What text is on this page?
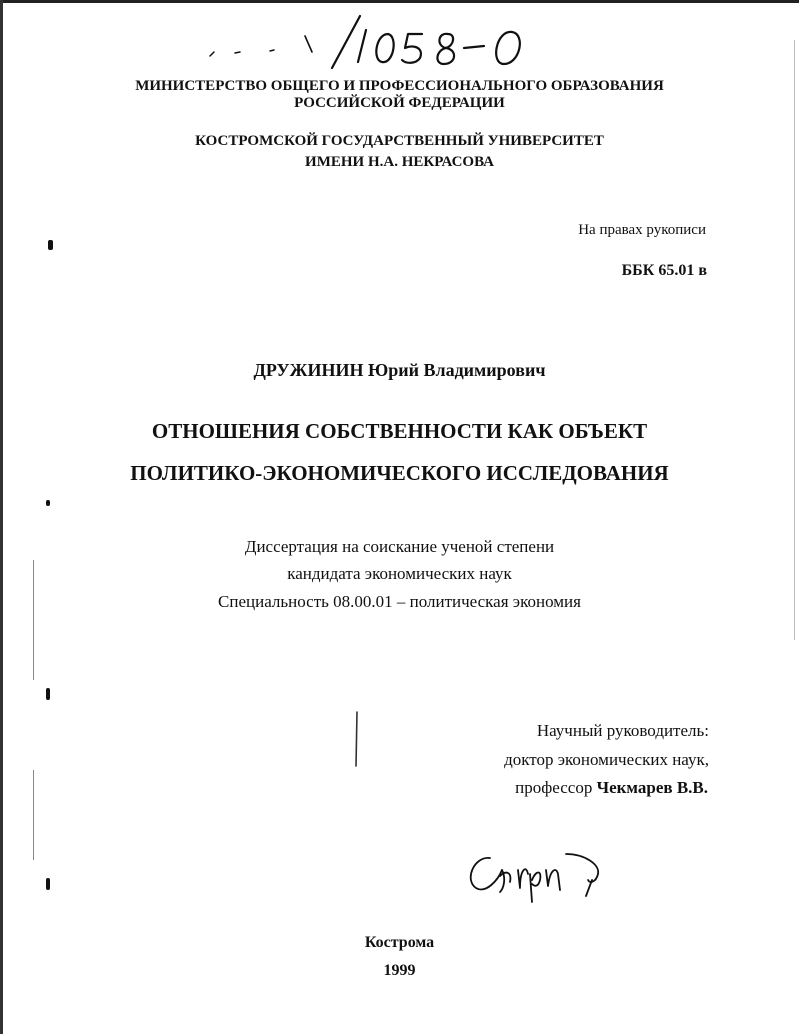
МИНИСТЕРСТВО ОБЩЕГО И ПРОФЕССИОНАЛЬНОГО ОБРАЗОВАНИЯ
РОССИЙСКОЙ ФЕДЕРАЦИИ
КОСТРОМСКОЙ ГОСУДАРСТВЕННЫЙ УНИВЕРСИТЕТ
ИМЕНИ Н.А. НЕКРАСОВА
На правах рукописи
ББК 65.01 в
ДРУЖИНИН Юрий Владимирович
ОТНОШЕНИЯ СОБСТВЕННОСТИ КАК ОБЪЕКТ
ПОЛИТИКО-ЭКОНОМИЧЕСКОГО ИССЛЕДОВАНИЯ
Диссертация на соискание ученой степени
кандидата экономических наук
Специальность 08.00.01 – политическая экономия
Научный руководитель:
доктор экономических наук,
профессор Чекмарев В.В.
Кострома
1999
